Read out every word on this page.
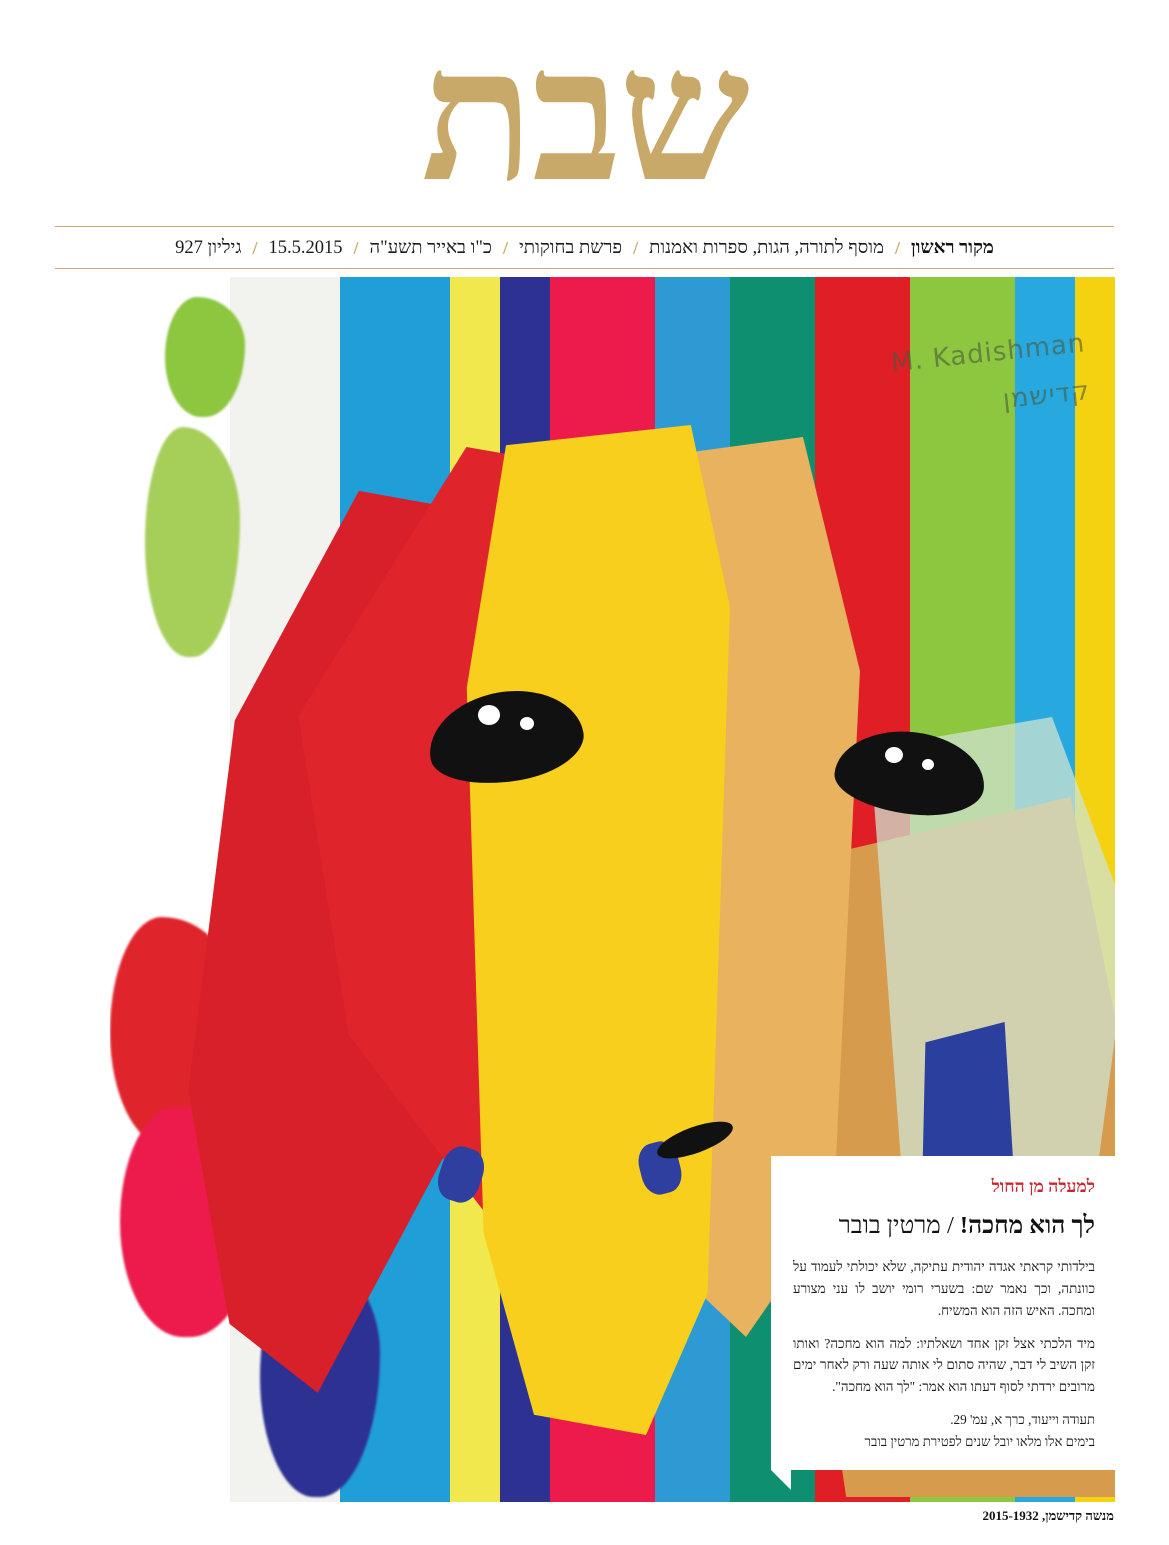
שבת
מקור ראשון
/
מוסף לתורה, הגות, ספרות ואמנות
/
פרשת בחוקותי
/
כ"ו באייר תשע"ה
/
15.5.2015
/
גיליון 927
M. Kadishman
קדישמן
למעלה מן החול
לך הוא מחכה! / מרטין בובר

בילדותי קראתי אגדה יהודית עתיקה, שלא יכולתי לעמוד על כוונתה, וכך נאמר שם: בשערי רומי יושב לו עני מצורע ומחכה. האיש הזה הוא המשיח.

מיד הלכתי אצל זקן אחד ושאלתיו: למה הוא מחכה? ואותו זקן השיב לי דבר, שהיה סתום לי אותה שעה ורק לאחר ימים מרובים ירדתי לסוף דעתו הוא אמר: "לך הוא מחכה".

תעודה וייעוד, כרך א, עמ' 29.

בימים אלו מלאו יובל שנים לפטירת מרטין בובר

מנשה קדישמן, 2015-1932
